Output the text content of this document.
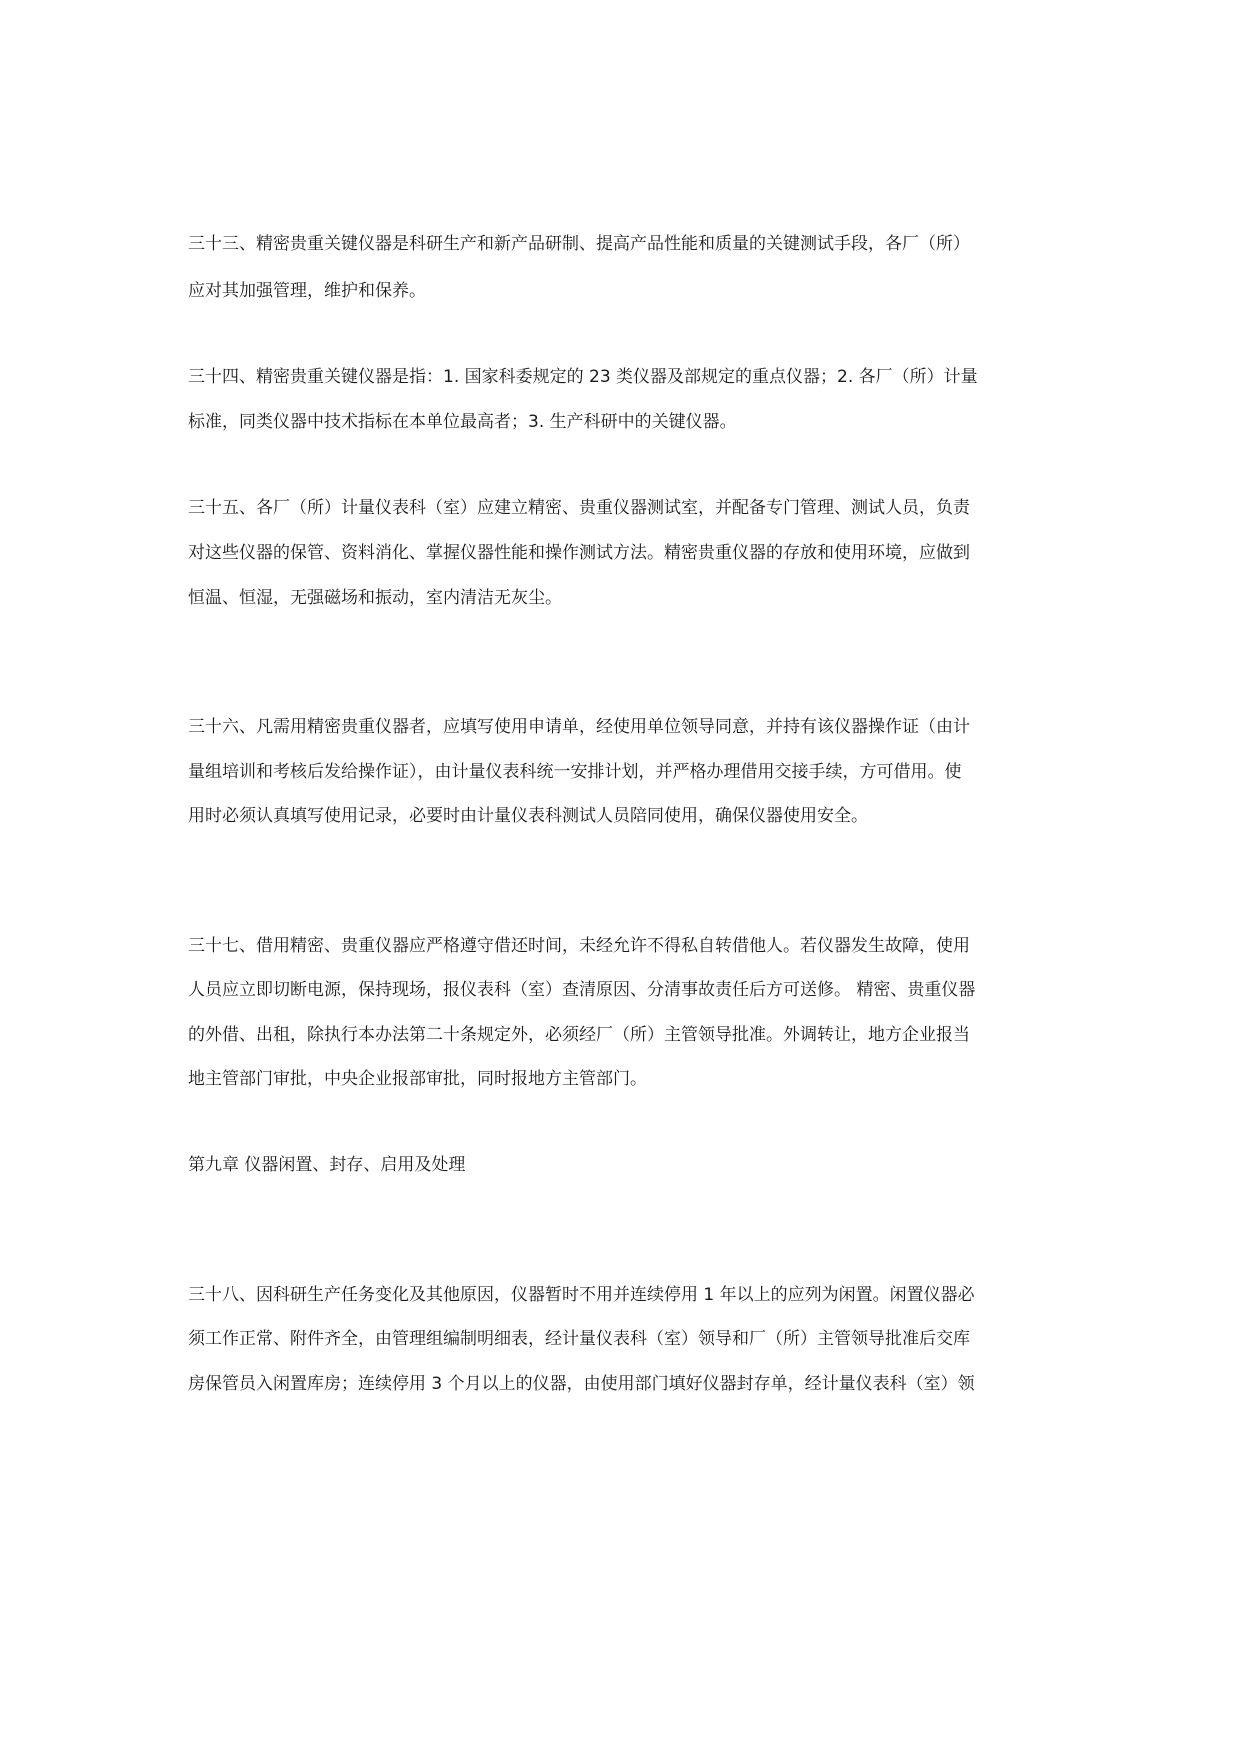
三十三、精密贵重关键仪器是科研生产和新产品研制、提高产品性能和质量的关键测试手段，各厂（所）
应对其加强管理，维护和保养。
三十四、精密贵重关键仪器是指：1. 国家科委规定的 23 类仪器及部规定的重点仪器；2. 各厂（所）计量
标准，同类仪器中技术指标在本单位最高者；3. 生产科研中的关键仪器。
三十五、各厂（所）计量仪表科（室）应建立精密、贵重仪器测试室，并配备专门管理、测试人员，负责
对这些仪器的保管、资料消化、掌握仪器性能和操作测试方法。精密贵重仪器的存放和使用环境，应做到
恒温、恒湿，无强磁场和振动，室内清洁无灰尘。
三十六、凡需用精密贵重仪器者，应填写使用申请单，经使用单位领导同意，并持有该仪器操作证（由计
量组培训和考核后发给操作证），由计量仪表科统一安排计划，并严格办理借用交接手续，方可借用。使
用时必须认真填写使用记录，必要时由计量仪表科测试人员陪同使用，确保仪器使用安全。
三十七、借用精密、贵重仪器应严格遵守借还时间，未经允许不得私自转借他人。若仪器发生故障，使用
人员应立即切断电源，保持现场，报仪表科（室）查清原因、分清事故责任后方可送修。 精密、贵重仪器
的外借、出租，除执行本办法第二十条规定外，必须经厂（所）主管领导批准。外调转让，地方企业报当
地主管部门审批，中央企业报部审批，同时报地方主管部门。
第九章 仪器闲置、封存、启用及处理
三十八、因科研生产任务变化及其他原因，仪器暂时不用并连续停用 1 年以上的应列为闲置。闲置仪器必
须工作正常、附件齐全，由管理组编制明细表，经计量仪表科（室）领导和厂（所）主管领导批准后交库
房保管员入闲置库房；连续停用 3 个月以上的仪器，由使用部门填好仪器封存单，经计量仪表科（室）领
